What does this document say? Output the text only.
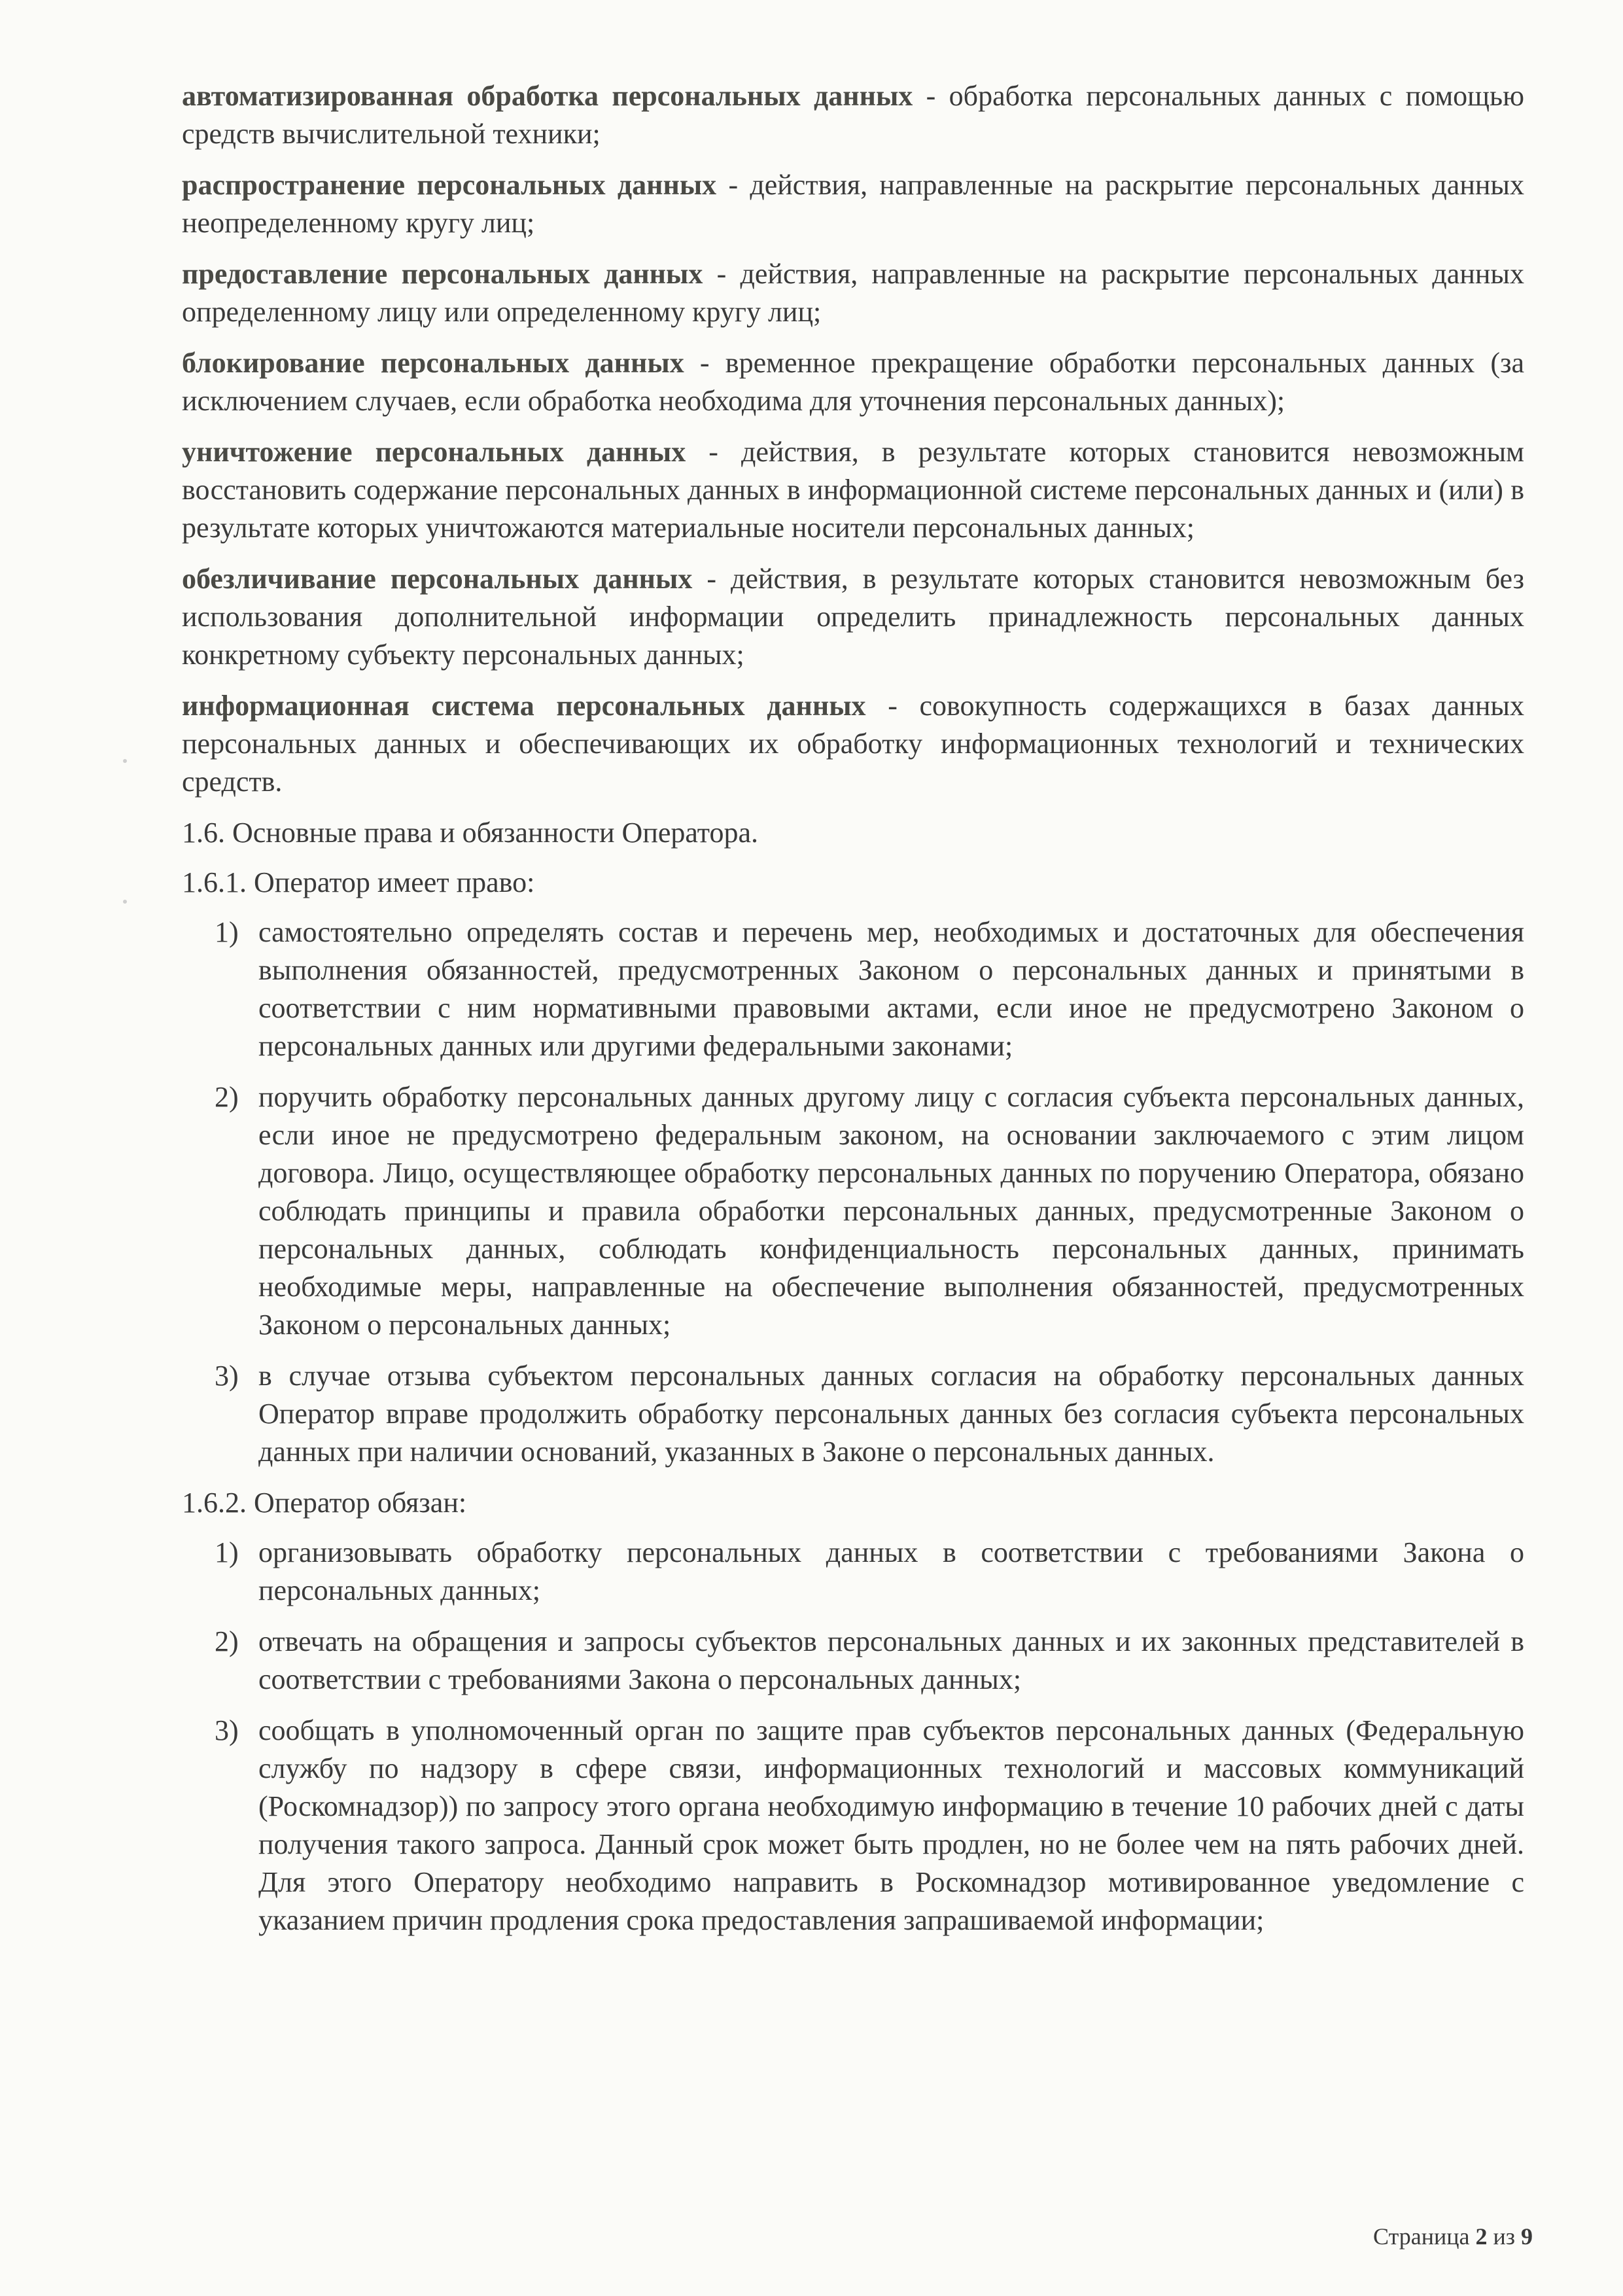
автоматизированная обработка персональных данных - обработка персональных данных с помощью средств вычислительной техники;

распространение персональных данных - действия, направленные на раскрытие персональных данных неопределенному кругу лиц;

предоставление персональных данных - действия, направленные на раскрытие персональных данных определенному лицу или определенному кругу лиц;

блокирование персональных данных - временное прекращение обработки персональных данных (за исключением случаев, если обработка необходима для уточнения персональных данных);

уничтожение персональных данных - действия, в результате которых становится невозможным восстановить содержание персональных данных в информационной системе персональных данных и (или) в результате которых уничтожаются материальные носители персональных данных;

обезличивание персональных данных - действия, в результате которых становится невозможным без использования дополнительной информации определить принадлежность персональных данных конкретному субъекту персональных данных;

информационная система персональных данных - совокупность содержащихся в базах данных персональных данных и обеспечивающих их обработку информационных технологий и технических средств.

1.6. Основные права и обязанности Оператора.

1.6.1. Оператор имеет право:

1) самостоятельно определять состав и перечень мер, необходимых и достаточных для обеспечения выполнения обязанностей, предусмотренных Законом о персональных данных и принятыми в соответствии с ним нормативными правовыми актами, если иное не предусмотрено Законом о персональных данных или другими федеральными законами;
2) поручить обработку персональных данных другому лицу с согласия субъекта персональных данных, если иное не предусмотрено федеральным законом, на основании заключаемого с этим лицом договора. Лицо, осуществляющее обработку персональных данных по поручению Оператора, обязано соблюдать принципы и правила обработки персональных данных, предусмотренные Законом о персональных данных, соблюдать конфиденциальность персональных данных, принимать необходимые меры, направленные на обеспечение выполнения обязанностей, предусмотренных Законом о персональных данных;
3) в случае отзыва субъектом персональных данных согласия на обработку персональных данных Оператор вправе продолжить обработку персональных данных без согласия субъекта персональных данных при наличии оснований, указанных в Законе о персональных данных.

1.6.2. Оператор обязан:

1) организовывать обработку персональных данных в соответствии с требованиями Закона о персональных данных;
2) отвечать на обращения и запросы субъектов персональных данных и их законных представителей в соответствии с требованиями Закона о персональных данных;
3) сообщать в уполномоченный орган по защите прав субъектов персональных данных (Федеральную службу по надзору в сфере связи, информационных технологий и массовых коммуникаций (Роскомнадзор)) по запросу этого органа необходимую информацию в течение 10 рабочих дней с даты получения такого запроса. Данный срок может быть продлен, но не более чем на пять рабочих дней. Для этого Оператору необходимо направить в Роскомнадзор мотивированное уведомление с указанием причин продления срока предоставления запрашиваемой информации;
Страница 2 из 9
